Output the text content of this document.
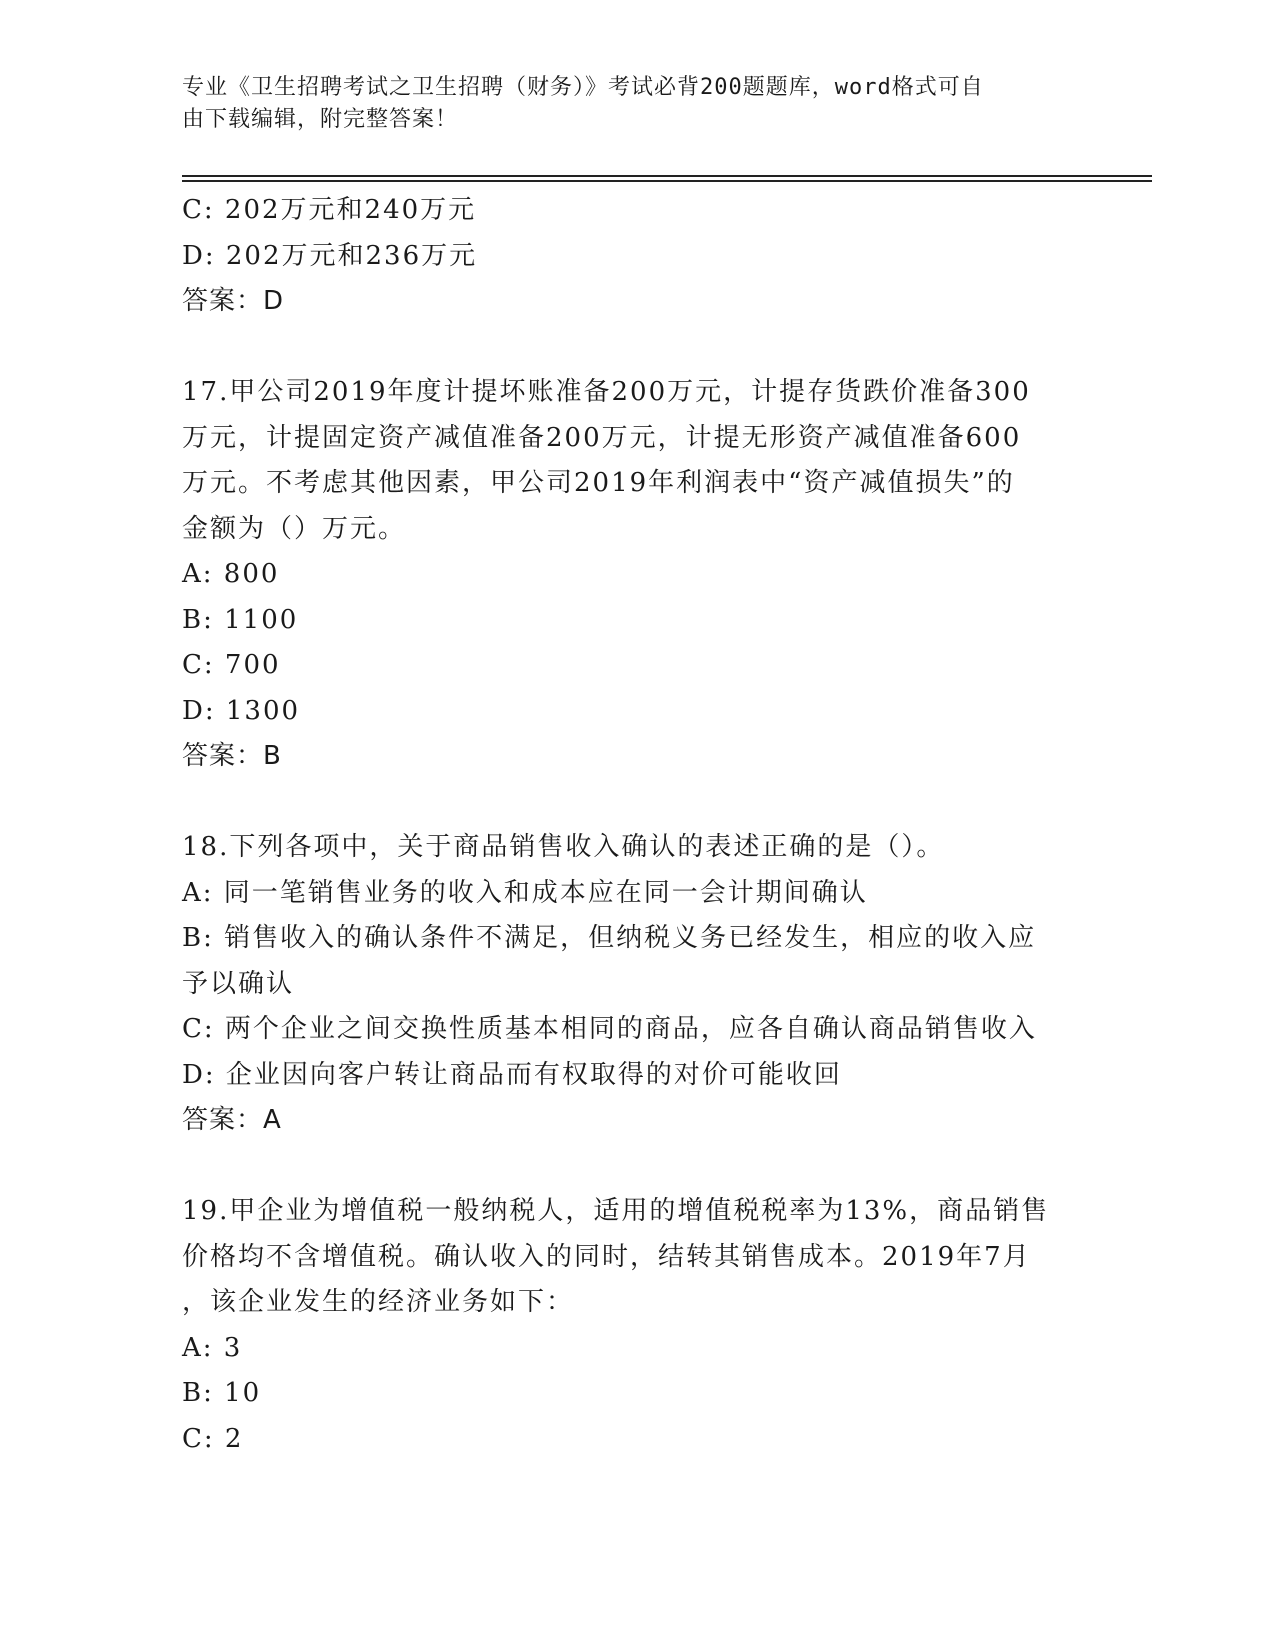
专业《卫生招聘考试之卫生招聘（财务）》考试必背200题题库，word格式可自
由下载编辑，附完整答案！
C: 202万元和240万元
D: 202万元和236万元
答案：D
17.甲公司2019年度计提坏账准备200万元，计提存货跌价准备300
万元，计提固定资产减值准备200万元，计提无形资产减值准备600
万元。不考虑其他因素，甲公司2019年利润表中“资产减值损失”的
金额为（）万元。
A: 800
B: 1100
C: 700
D: 1300
答案：B
18.下列各项中，关于商品销售收入确认的表述正确的是（）。
A: 同一笔销售业务的收入和成本应在同一会计期间确认
B: 销售收入的确认条件不满足，但纳税义务已经发生，相应的收入应
予以确认
C: 两个企业之间交换性质基本相同的商品，应各自确认商品销售收入
D: 企业因向客户转让商品而有权取得的对价可能收回
答案：A
19.甲企业为增值税一般纳税人，适用的增值税税率为13%，商品销售
价格均不含增值税。确认收入的同时，结转其销售成本。2019年7月
，该企业发生的经济业务如下：
A: 3
B: 10
C: 2
